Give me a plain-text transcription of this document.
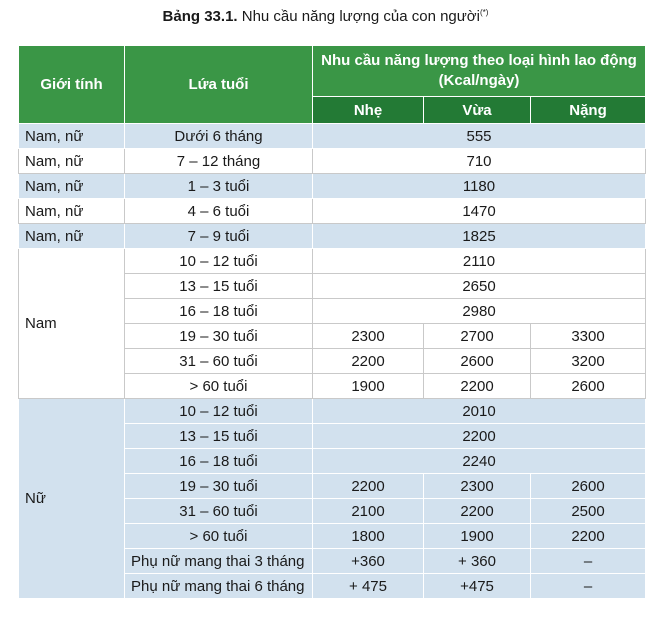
Bảng 33.1. Nhu cầu năng lượng của con người(*)
Giới tính	Lứa tuổi	Nhu cầu năng lượng theo loại hình lao động
(Kcal/ngày)		

		Nhẹ	Vừa	Nặng
Nam, nữ	Dưới 6 tháng	555		
Nam, nữ	7 – 12 tháng	710		
Nam, nữ	1 – 3 tuổi	1180		
Nam, nữ	4 – 6 tuổi	1470		
Nam, nữ	7 – 9 tuổi	1825		
Nam	10 – 12 tuổi	2110		
	13 – 15 tuổi	2650		
	16 – 18 tuổi	2980		
	19 – 30 tuổi	2300	2700	3300
	31 – 60 tuổi	2200	2600	3200
	> 60 tuổi	1900	2200	2600
Nữ	10 – 12 tuổi	2010		
	13 – 15 tuổi	2200		
	16 – 18 tuổi	2240		
	19 – 30 tuổi	2200	2300	2600
	31 – 60 tuổi	2100	2200	2500
	> 60 tuổi	1800	1900	2200
	Phụ nữ mang thai 3 tháng	+360	+ 360	–
	Phụ nữ mang thai 6 tháng	+ 475	+475	–
